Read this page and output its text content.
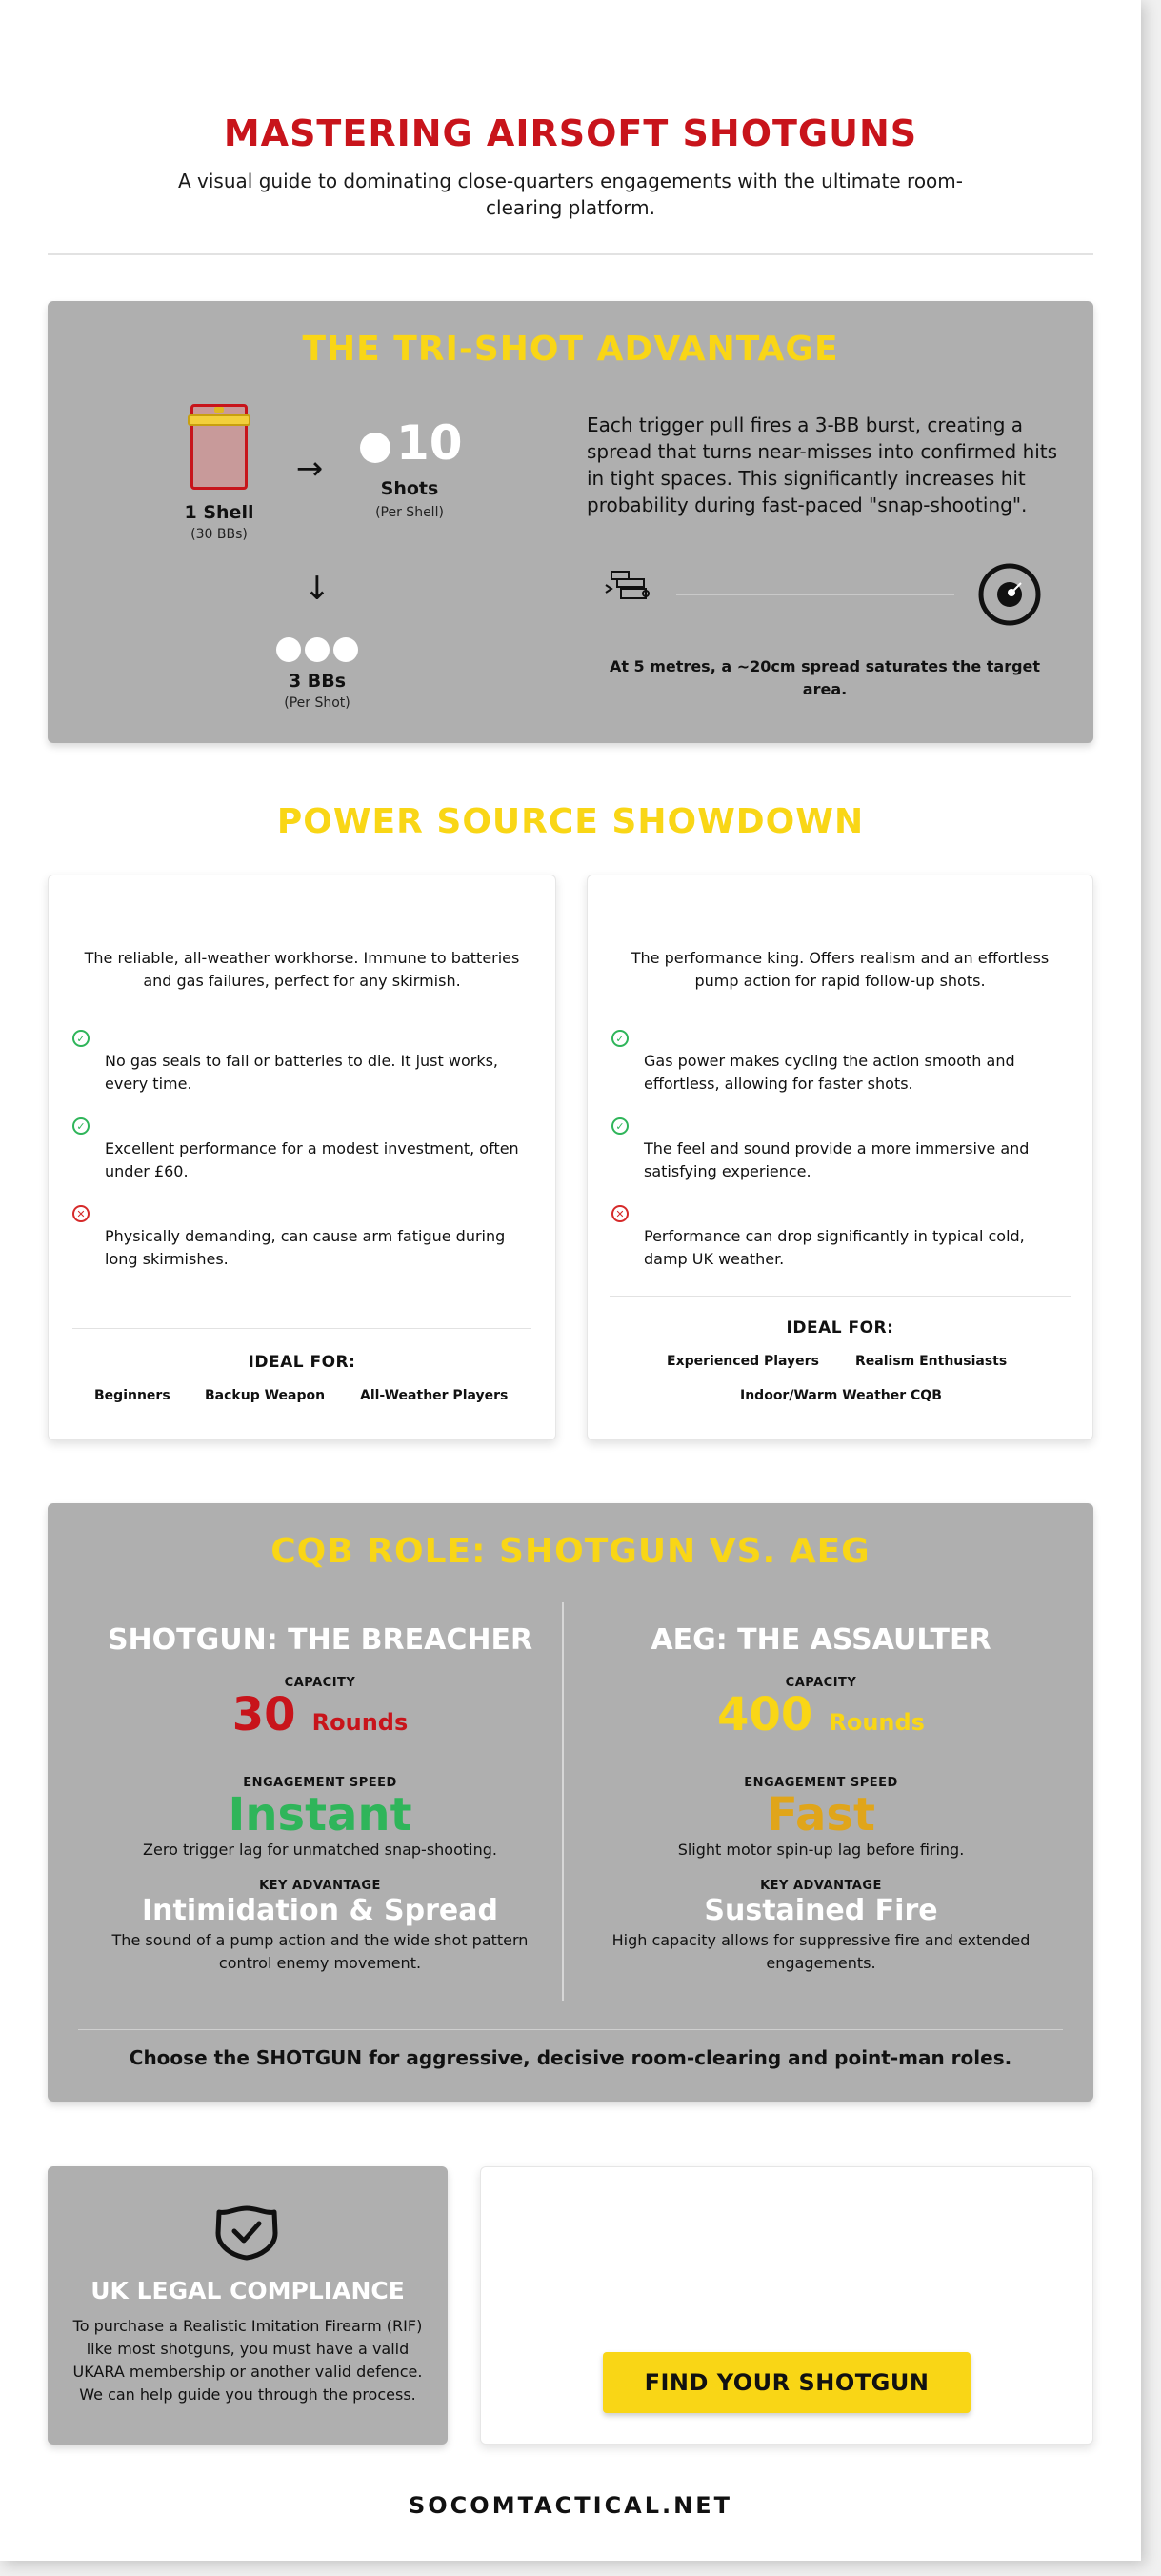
MASTERING AIRSOFT SHOTGUNS
A visual guide to dominating close-quarters engagements with the ultimate room-clearing platform.
THE TRI-SHOT ADVANTAGE
1 Shell
(30 BBs)
→ 10
Shots
(Per Shell)
↓
3 BBs
(Per Shot)
Each trigger pull fires a 3-BB burst, creating a spread that turns near-misses into confirmed hits in tight spaces. This significantly increases hit probability during fast-paced "snap-shooting".
At 5 metres, a ~20cm spread saturates the target area.
POWER SOURCE SHOWDOWN
The reliable, all-weather workhorse. Immune to batteries and gas failures, perfect for any skirmish.
✓
No gas seals to fail or batteries to die. It just works, every time.
✓
Excellent performance for a modest investment, often under £60.
✕
Physically demanding, can cause arm fatigue during long skirmishes.
IDEAL FOR:
Beginners	Backup Weapon	All-Weather Players
The performance king. Offers realism and an effortless pump action for rapid follow-up shots.
✓
Gas power makes cycling the action smooth and effortless, allowing for faster shots.
✓
The feel and sound provide a more immersive and satisfying experience.
✕
Performance can drop significantly in typical cold, damp UK weather.
IDEAL FOR:
Experienced Players	Realism Enthusiasts
Indoor/Warm Weather CQB
CQB ROLE: SHOTGUN VS. AEG
Choose the SHOTGUN for aggressive, decisive room-clearing and point-man roles.
SHOTGUN: THE BREACHER
CAPACITY
30 Rounds
ENGAGEMENT SPEED
Instant
Zero trigger lag for unmatched snap-shooting.
KEY ADVANTAGE
Intimidation & Spread
The sound of a pump action and the wide shot pattern control enemy movement.
AEG: THE ASSAULTER
CAPACITY
400 Rounds
ENGAGEMENT SPEED
Fast
Slight motor spin-up lag before firing.
KEY ADVANTAGE
Sustained Fire
High capacity allows for suppressive fire and extended engagements.
UK LEGAL COMPLIANCE
To purchase a Realistic Imitation Firearm (RIF) like most shotguns, you must have a valid UKARA membership or another valid defence. We can help guide you through the process.	FIND YOUR SHOTGUN
SOCOMTACTICAL.NET
